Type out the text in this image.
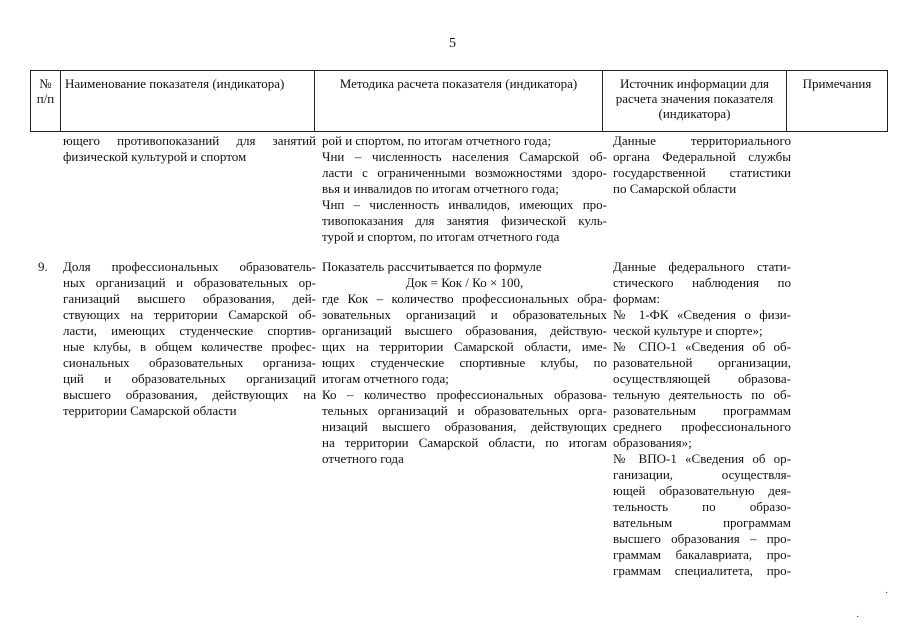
5
№ п/п
Наименование показателя (индикатора)	Методика расчета показателя (индикатора)	Источник информации для расчета значения показателя (индикатора)
Примечания
ющего противопоказаний для занятий
физической культурой и спортом
рой и спортом, по итогам отчетного года;
Чни – численность населения Самарской об-
ласти с ограниченными возможностями здоро-
вья и инвалидов по итогам отчетного года;
Чнп – численность инвалидов, имеющих про-
тивопоказания для занятия физической куль-
турой и спортом, по итогам отчетного года
Данные территориального
органа Федеральной службы
государственной статистики
по Самарской области
9. Доля профессиональных образователь-
ных организаций и образовательных ор-
ганизаций высшего образования, дей-
ствующих на территории Самарской об-
ласти, имеющих студенческие спортив-
ные клубы, в общем количестве профес-
сиональных образовательных организа-
ций и образовательных организаций
высшего образования, действующих на
территории Самарской области
Показатель рассчитывается по формуле
Док = Кок / Ко × 100,
где Кок – количество профессиональных обра-
зовательных организаций и образовательных
организаций высшего образования, действую-
щих на территории Самарской области, име-
ющих студенческие спортивные клубы, по
итогам отчетного года;
Ко – количество профессиональных образова-
тельных организаций и образовательных орга-
низаций высшего образования, действующих
на территории Самарской области, по итогам
отчетного года
Данные федерального стати-
стического наблюдения по
формам:
№ 1-ФК «Сведения о физи-
ческой культуре и спорте»;
№ СПО-1 «Сведения об об-
разовательной организации,
осуществляющей образова-
тельную деятельность по об-
разовательным программам
среднего профессионального
образования»;
№ ВПО-1 «Сведения об ор-
ганизации, осуществля-
ющей образовательную дея-
тельность по образо-
вательным программам
высшего образования – про-
граммам бакалавриата, про-
граммам специалитета, про-
·
·
